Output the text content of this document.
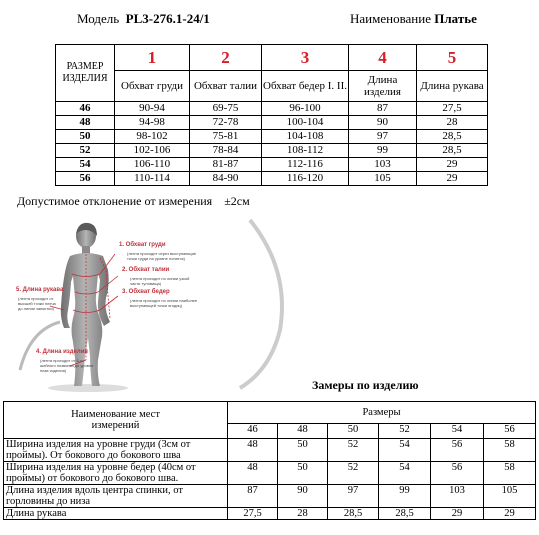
Модель PL3-276.1-24/1	Наименование Платье
РАЗМЕР ИЗДЕЛИЯ	1	2	3	4	5
	Обхват груди	Обхват талии	Обхват бедер I. II.	Длина изделия	Длина рукава
46	90-94	69-75	96-100	87	27,5
48	94-98	72-78	100-104	90	28
50	98-102	75-81	104-108	97	28,5
52	102-106	78-84	108-112	99	28,5
54	106-110	81-87	112-116	103	29
56	110-114	84-90	116-120	105	29
Допустимое отклонение от измерения ±2см
1. Обхват груди
(лента проходит через выступающие
точки груди на уровне лопаток)
2. Обхват талии
(лента проходит по линии узкой
части туловища)
3. Обхват бедер
(лента проходит по линии наиболее
выступающей точки ягодиц)
5. Длина рукава
(лента проходит от
высшей точки плеча
до линии запястья)
4. Длина изделия
(лента проходит от 6-го
шейного позвонка до уровня
низа изделия)
Замеры по изделию
Наименование мест измерений	Размеры					
	46	48	50	52	54	56
Ширина изделия на уровне груди (3см от проймы). От бокового до бокового шва	48	50	52	54	56	58
Ширина изделия на уровне бедер (40см от проймы) от бокового до бокового шва.	48	50	52	54	56	58
Длина изделия вдоль центра спинки, от горловины до низа	87	90	97	99	103	105
Длина рукава	27,5	28	28,5	28,5	29	29
